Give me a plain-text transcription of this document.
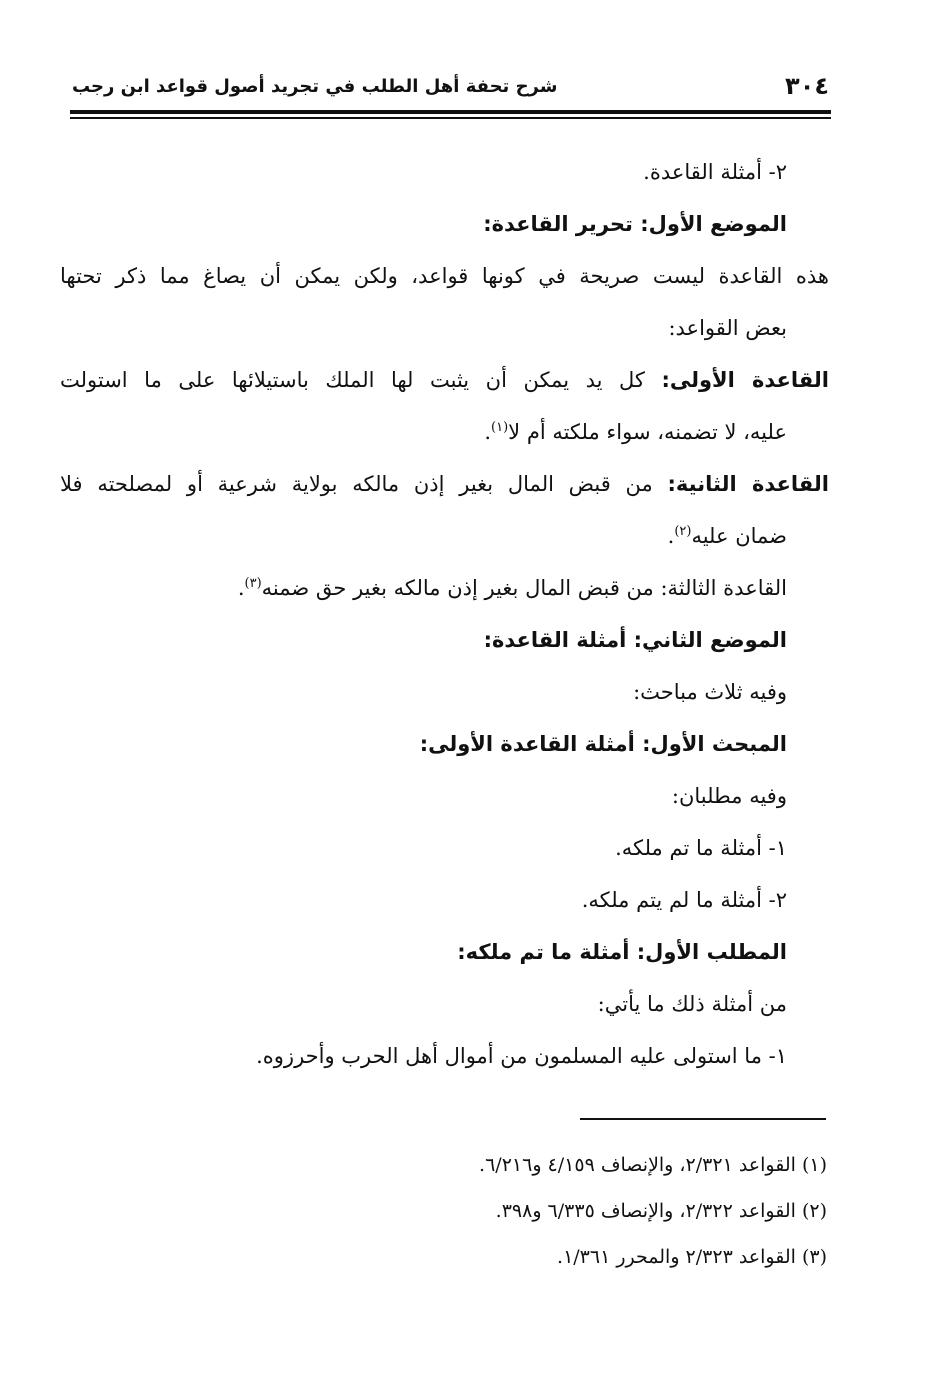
٣٠٤
شرح تحفة أهل الطلب في تجريد أصول قواعد ابن رجب

٢- أمثلة القاعدة.

الموضع الأول: تحرير القاعدة:

هذه القاعدة ليست صريحة في كونها قواعد، ولكن يمكن أن يصاغ مما ذكر تحتها

بعض القواعد:

القاعدة الأولى: كل يد يمكن أن يثبت لها الملك باستيلائها على ما استولت

عليه، لا تضمنه، سواء ملكته أم لا$^{(١)}$.

القاعدة الثانية: من قبض المال بغير إذن مالكه بولاية شرعية أو لمصلحته فلا

ضمان عليه$^{(٢)}$.

القاعدة الثالثة: من قبض المال بغير إذن مالكه بغير حق ضمنه$^{(٣)}$.

الموضع الثاني: أمثلة القاعدة:

وفيه ثلاث مباحث:

المبحث الأول: أمثلة القاعدة الأولى:

وفيه مطلبان:

١- أمثلة ما تم ملكه.

٢- أمثلة ما لم يتم ملكه.

المطلب الأول: أمثلة ما تم ملكه:

من أمثلة ذلك ما يأتي:

١- ما استولى عليه المسلمون من أموال أهل الحرب وأحرزوه.

(١) القواعد ٢/٣٢١، والإنصاف ٤/١٥٩ و٦/٢١٦.

(٢) القواعد ٢/٣٢٢، والإنصاف ٦/٣٣٥ و٣٩٨.

(٣) القواعد ٢/٣٢٣ والمحرر ١/٣٦١.
